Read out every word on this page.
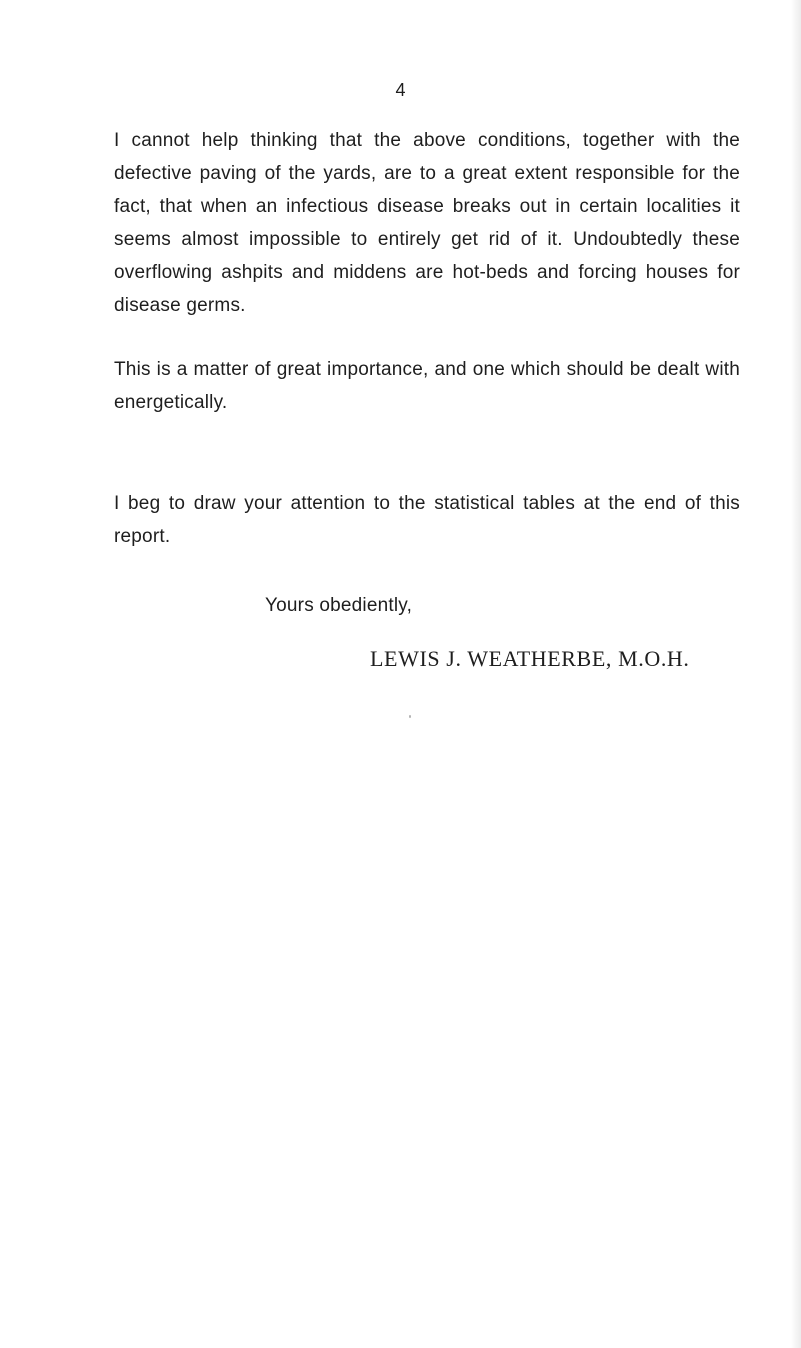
4

I cannot help thinking that the above conditions, together with the defective paving of the yards, are to a great extent responsible for the fact, that when an infectious disease breaks out in certain localities it seems almost impossible to entirely get rid of it. Undoubtedly these overflowing ashpits and middens are hot-beds and forcing houses for disease germs.

This is a matter of great importance, and one which should be dealt with energetically.

I beg to draw your attention to the statistical tables at the end of this report.

Yours obediently,

LEWIS J. WEATHERBE, M.O.H.
